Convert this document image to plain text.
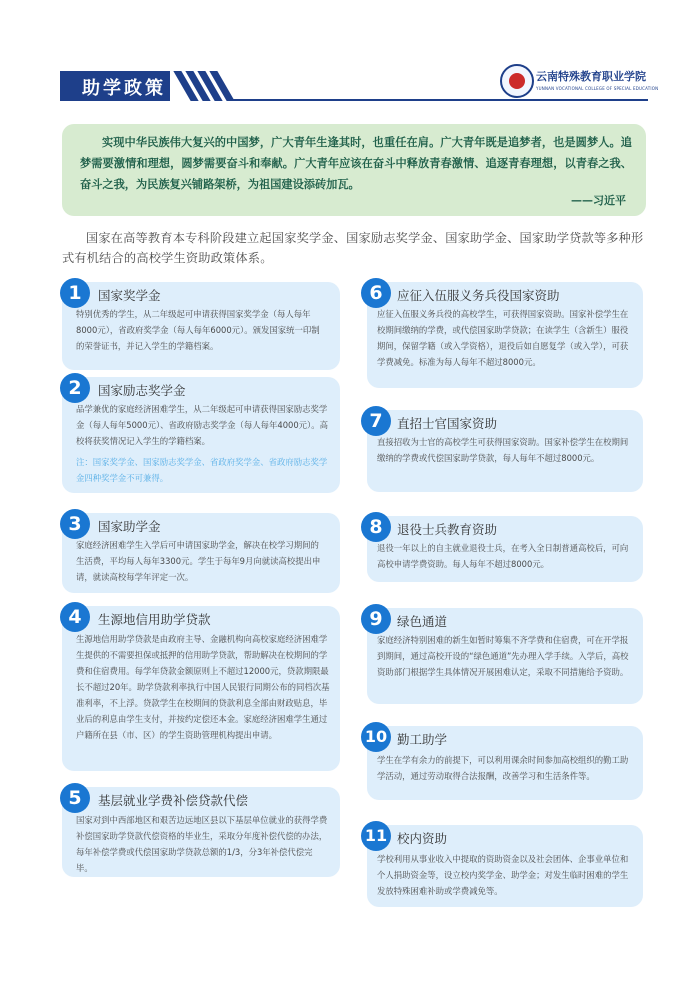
助学政策
云南特殊教育职业学院
YUNNAN VOCATIONAL COLLEGE OF SPECIAL EDUCATION
实现中华民族伟大复兴的中国梦，广大青年生逢其时，也重任在肩。广大青年既是追梦者，也是圆梦人。追梦需要激情和理想，圆梦需要奋斗和奉献。广大青年应该在奋斗中释放青春激情、追逐青春理想，以青春之我、奋斗之我，为民族复兴铺路架桥，为祖国建设添砖加瓦。
——习近平
国家在高等教育本专科阶段建立起国家奖学金、国家励志奖学金、国家助学金、国家助学贷款等多种形式有机结合的高校学生资助政策体系。
1	国家奖学金
特别优秀的学生，从二年级起可申请获得国家奖学金（每人每年8000元），省政府奖学金（每人每年6000元）。颁发国家统一印制的荣誉证书，并记入学生的学籍档案。
2	国家励志奖学金
品学兼优的家庭经济困难学生，从二年级起可申请获得国家励志奖学金（每人每年5000元）、省政府励志奖学金（每人每年4000元）。高校将获奖情况记入学生的学籍档案。
注：国家奖学金、国家励志奖学金、省政府奖学金、省政府励志奖学金四种奖学金不可兼得。
3	国家助学金
家庭经济困难学生入学后可申请国家助学金，解决在校学习期间的生活费，平均每人每年3300元。学生于每年9月向就读高校提出申请，就读高校每学年评定一次。
4	生源地信用助学贷款
生源地信用助学贷款是由政府主导、金融机构向高校家庭经济困难学生提供的不需要担保或抵押的信用助学贷款，帮助解决在校期间的学费和住宿费用。每学年贷款金额原则上不超过12000元，贷款期限最长不超过20年。助学贷款利率执行中国人民银行同期公布的同档次基准利率，不上浮。贷款学生在校期间的贷款利息全部由财政贴息，毕业后的利息由学生支付，并按约定偿还本金。家庭经济困难学生通过户籍所在县（市、区）的学生资助管理机构提出申请。
5	基层就业学费补偿贷款代偿
国家对到中西部地区和艰苦边远地区县以下基层单位就业的获得学费补偿国家助学贷款代偿资格的毕业生，采取分年度补偿代偿的办法，每年补偿学费或代偿国家助学贷款总额的1/3，分3年补偿代偿完毕。
6	应征入伍服义务兵役国家资助
应征入伍服义务兵役的高校学生，可获得国家资助。国家补偿学生在校期间缴纳的学费，或代偿国家助学贷款；在读学生（含新生）服役期间，保留学籍（或入学资格），退役后如自愿复学（或入学），可获学费减免。标准为每人每年不超过8000元。
7	直招士官国家资助
直接招收为士官的高校学生可获得国家资助。国家补偿学生在校期间缴纳的学费或代偿国家助学贷款，每人每年不超过8000元。
8	退役士兵教育资助
退役一年以上的自主就业退役士兵，在考入全日制普通高校后，可向高校申请学费资助。每人每年不超过8000元。
9	绿色通道
家庭经济特别困难的新生如暂时筹集不齐学费和住宿费，可在开学报到期间，通过高校开设的“绿色通道”先办理入学手续。入学后，高校资助部门根据学生具体情况开展困难认定，采取不同措施给予资助。
10 勤工助学
学生在学有余力的前提下，可以利用课余时间参加高校组织的勤工助学活动，通过劳动取得合法报酬，改善学习和生活条件等。
11 校内资助
学校利用从事业收入中提取的资助资金以及社会团体、企事业单位和个人捐助资金等，设立校内奖学金、助学金；对发生临时困难的学生发放特殊困难补助或学费减免等。
